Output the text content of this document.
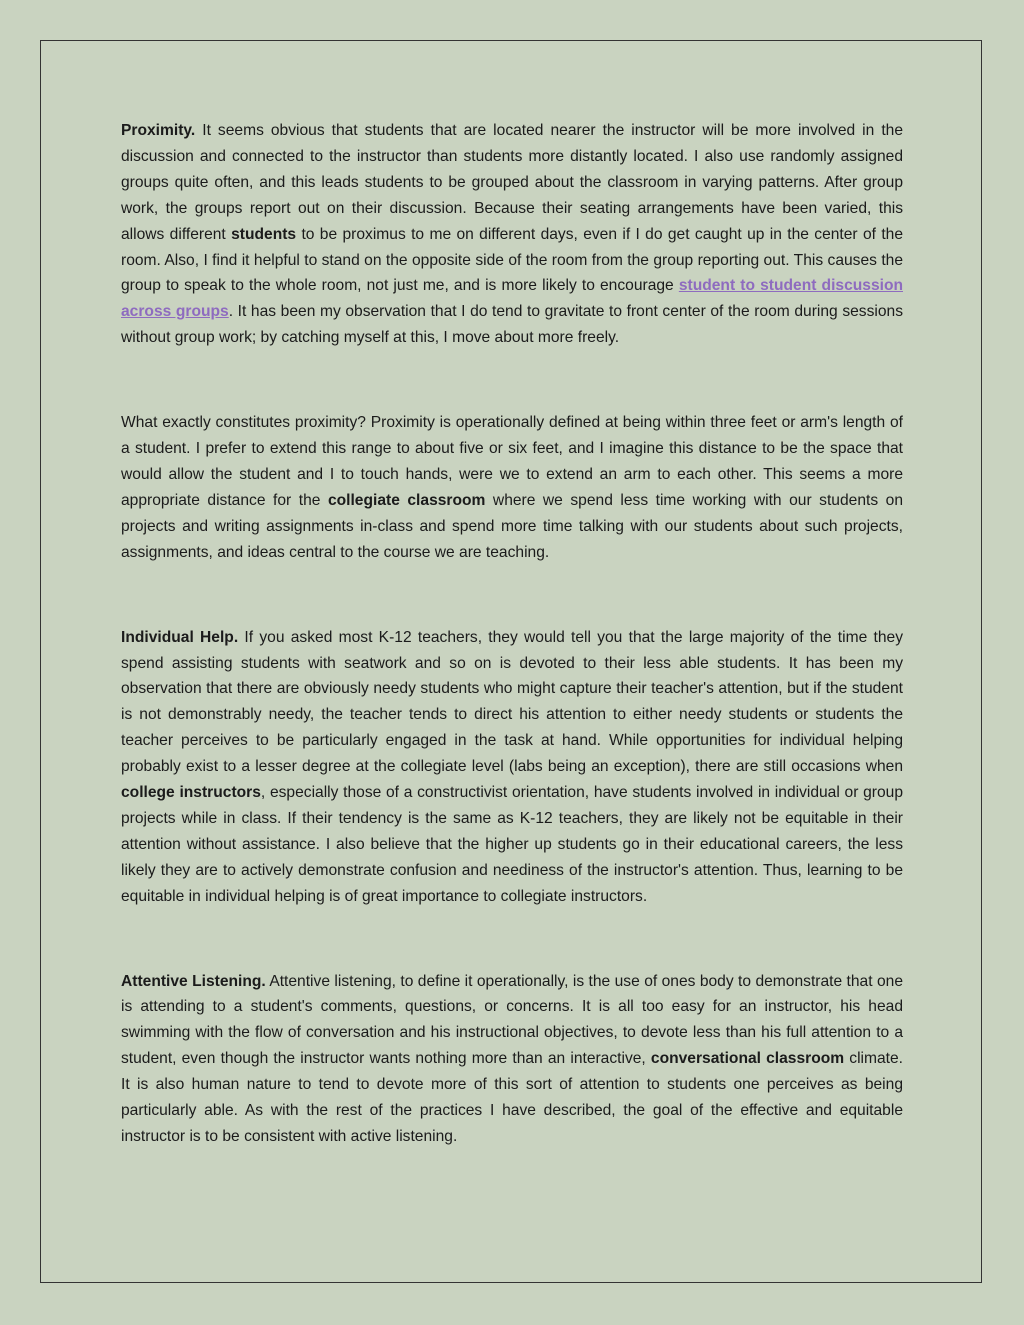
Proximity. It seems obvious that students that are located nearer the instructor will be more involved in the discussion and connected to the instructor than students more distantly located. I also use randomly assigned groups quite often, and this leads students to be grouped about the classroom in varying patterns. After group work, the groups report out on their discussion. Because their seating arrangements have been varied, this allows different students to be proximus to me on different days, even if I do get caught up in the center of the room. Also, I find it helpful to stand on the opposite side of the room from the group reporting out. This causes the group to speak to the whole room, not just me, and is more likely to encourage student to student discussion across groups. It has been my observation that I do tend to gravitate to front center of the room during sessions without group work; by catching myself at this, I move about more freely.

What exactly constitutes proximity? Proximity is operationally defined at being within three feet or arm's length of a student. I prefer to extend this range to about five or six feet, and I imagine this distance to be the space that would allow the student and I to touch hands, were we to extend an arm to each other. This seems a more appropriate distance for the collegiate classroom where we spend less time working with our students on projects and writing assignments in-class and spend more time talking with our students about such projects, assignments, and ideas central to the course we are teaching.

Individual Help. If you asked most K-12 teachers, they would tell you that the large majority of the time they spend assisting students with seatwork and so on is devoted to their less able students. It has been my observation that there are obviously needy students who might capture their teacher's attention, but if the student is not demonstrably needy, the teacher tends to direct his attention to either needy students or students the teacher perceives to be particularly engaged in the task at hand. While opportunities for individual helping probably exist to a lesser degree at the collegiate level (labs being an exception), there are still occasions when college instructors, especially those of a constructivist orientation, have students involved in individual or group projects while in class. If their tendency is the same as K-12 teachers, they are likely not be equitable in their attention without assistance. I also believe that the higher up students go in their educational careers, the less likely they are to actively demonstrate confusion and neediness of the instructor's attention. Thus, learning to be equitable in individual helping is of great importance to collegiate instructors.

Attentive Listening. Attentive listening, to define it operationally, is the use of ones body to demonstrate that one is attending to a student's comments, questions, or concerns. It is all too easy for an instructor, his head swimming with the flow of conversation and his instructional objectives, to devote less than his full attention to a student, even though the instructor wants nothing more than an interactive, conversational classroom climate. It is also human nature to tend to devote more of this sort of attention to students one perceives as being particularly able. As with the rest of the practices I have described, the goal of the effective and equitable instructor is to be consistent with active listening.
